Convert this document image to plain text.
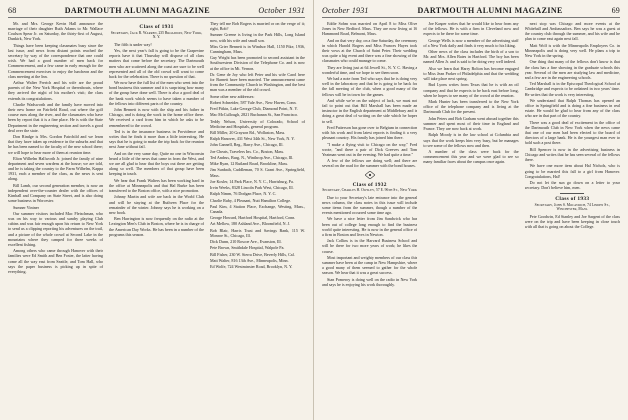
68	DARTMOUTH ALUMNI MAGAZINE	October 1931

Mr. and Mrs. George Kevin Hall announce the marriage of their daughter Ruth Adams to Mr. Wallace Coulson Spear Jr. on Saturday, the thirty-first of August, Dunkirk, New York.

Things have been keeping classmates busy since the last issue, and news from distant points reached the secretary by way of the correspondence that one could wish. We had a good number of men back for Commencement, and a few came in early enough for the Commencement exercises to enjoy the luncheon and the class meeting at the Inn.

Arthur Walter Frerich and his wife are the proud parents of the New York Hospital or thereabouts, where they arrived the night of his mother's visit; the class extends its congratulations.

Charlie Wadsworth and the family have moved into their new home on Fairfield Road, out where the golf course runs along the river, and the classmates who have been by report that it is a fine place. He is with the State Department in the engineering section and travels a good deal over the state.

Don Rindge is Mrs. Gordon Fairchild and we learn that they have taken up residence in the suburbs and that he has been named to the faculty of the new school there; we will hope to hear more of them at reunion time.

Elton Wilhelm Hallworth Jr. joined the family of nine department and seven wardens at the house; we are told, and he is taking the country to the Farm Wilhelm, Kappa 1931, each a member of the class, as the news is sent along.

Bill Lamb, our second generation member, is now an independent over-the-counter dealer with the offices of Kimball and Company on State Street, and is also doing some business in Worcester.

Sumner Vintner

Our summer visitors included Mac Fleischman, who was on his way to various and sundry playing Club cabins and was fair enough upon his return to New York to send us a clipping reporting his adventures on the trail, and a picture of the whole crowd at Second Lake in the mountains where they camped for three weeks of excellent fishing.

Among others who came through Hanover with their families were Ed Smith and Ben Foster, the latter having come all the way east from Seattle, and Tom Hall, who says the paper business is picking up in spite of everything.

Class of 1931
Secretary, Jack R. Warren, 235 Broadway, New York, N. Y.

The fifth is under way!

Yes, the next year's fall is going to be the Grapevine reports have it that Thursday will dispose of all class matters that come before the secretary. The Dartmouth men who are scattered along the coast are sure to be well represented and all of the old crowd will want to come back for the celebration. There is no question of that.

We now have the full list of the men who went into the bond business this summer and it is surprising how many of the group have done well. There is also a good deal of the bank work which seems to have taken a number of the fellows into different parts of the country.

John Bennett is now with the ship and his father in Chicago, and is doing the work in the home office there. We received a card from him in which he asks to be remembered to the crowd.

Ted is in the insurance business in Providence and writes that he finds it more than a little interesting. He says that he is going to make the trip back for the reunion next June without fail.

And on the very same day, Quite no one in Wisconsin heard a little of the news that came in from the West, and we are all glad to hear that the boys out there are getting along so well. The members of that group have been keeping in touch.

We hear that Frank Walters has been working hard in the office at Minneapolis and that Hal Burke has been transferred to the Boston office, with a nice promotion.

Johnny Martin and wife are back in the World Club and will be staying at the Ruthven Place for the remainder of the winter. Johnny says he is working on a new book.

Ben Harrington is now frequently on the radio at the Lexington Men's Club in Boston, where he is in charge of the American Day Works. He has been in a number of the programs this season.

They tell me Bob Rogers is married or on the verge of it; right, Bob?

Sumner Greene is living in the Park Hills, Long Island now, with his wife and small son.

Miss Grier Bennett is in Windsor Hall, 1150 Pike, 1936, Cunningham, Mass.

Guy Wright has been promoted to second assistant in the Southwestern Division of the Telephone Co. and is now at the office in Mt. Vernon.

Dr. Gene de Joy who left Peter and his wife Carol here for Barnett have been married. The announcement came from the Community Church in Washington, and the best man was a member of the old crowd.

Some other new addresses:

Robert Schneider, 587 Yale Ave., New Haven, Conn.

Fred Pitkin, Lake George Club, Diamond Point, N. Y.

Mac McCullough, 2821 Buchanan St., San Francisco.

Teddy Nelson, University of Colorado, School of Medicine and Hospitals, general program.

Bill Miller, 20 Grayson Rd., Wollaston, Mass.

Ralph Hanover, 431 West 34th St., New York, N. Y.

John Gannell, Reg., Barry Ave., Chicago, Ill.

Joe Cheats, Travelers Ins. Co., Boston, Mass.

Ted Andrus, Burg, N., Winthrop Ave., Chicago, Ill.

Mike Ryan, 12 Rutland Road, Brookline, Mass.

Jim Sunbath, Cuddleman, 70 S. Grant Ave., Springfield, Mass.

Joe Kosler, 14 Park Place, N. Y. C., Harrisburg, Pa.

Irvin Weeks, 8328 Lincoln Park West, Chicago, Ill.

Ralph Nimm, 76 Dodgan Place, N. Y. C.

Charlie Ruby, 4 Pleasant, Nutt Hamilton College.

Paul Kim, 4 Station Place, Exchange, Westing, Mass., Canada.

George Howard, Hartford Hospital, Hartford, Conn.

Art Mellow, 180 Ashland Ave., Bloomfield, N. J.

Bob Blair, Harris Trust and Savings Bank, 115 W. Monroe St., Chicago, Ill.

Dick Dunn, 210 Roscoe Ave., Evanston, Ill.

Pete Brown, Smithdale Hospital, Walpole Pa.

Bill Fisher, 230 W. Sierra Drive, Beverly Hills, Cal.

Matt Walter, 816 13th Ave., Minneapolis, Minn.

Ed Wolfe, 724 Westminster Road, Brooklyn, N. Y.

October 1931	DARTMOUTH ALUMNI MAGAZINE	69

Eddie Sohm was married on April 8 to Miss Olive Jones in New Bedford. Mass. They are now living at 16 Hammond Road, Belmont, Mass.

And on that very day, on a fine Saturday, the ceremony in which Harold Rogers and Miss Frances Hayes took their vows at the Church of Saint Peter. Their wedding was quite a big event and there was a fine showing of the classmates who could manage to come.

They are living just at 64 Jewell St., N. Y. C. Having a wonderful time, and we hope to see them soon.

We had a note from Ted who says that he is doing very well in the laboratory and that he is going to be back for the fall meeting of the club, when a good many of the fellows will be in town for the games.

And while we're on the subject of luck, we must not fail to point out that Bill Marshall has been made an instructor in the English department at Middlebury and is doing a great deal of writing on the side which he hopes to sell.

Fred Patterson has gone over to Belgium in connection with his work and from latest reports is finding it a very pleasant country. His family has joined him there.

"I make a flying visit to Chicago on the way," Fred wrote, "and there a pair of Dick Greeves and Tom Yeatman went out in the evening. We had quite a time."

A few of the fellows are doing well; and there are several on the road for the summer with the bond houses.

Class of 1932
Secretary, Charles H. Owsley, 57 E. 96th St., New York

Due to your Secretary's late entrance into the general news column, the class notes in this issue will include some items from the summer, though a number of the events mentioned occurred some time ago.

We have a nice letter from Jim Sandwick who has been out of college long enough to find the business world quite interesting. He is now in the general office of a firm in Boston and lives in Newton.

Jack Collins is in the Harvard Business School and will be there for two more years of work; he likes the course.

Most important and weighty members of our class this summer have been at the camp in New Hampshire, where a good many of them seemed to gather for the whole season. We hear that it was a great success.

Stan Pomeroy is doing well on the radio in New York and says he is enjoying his work thoroughly.

Joe Kasper writes that he would like to hear from any of the fellows. He is with a firm in Cleveland now and expects to be there for some time.

George Wells is now a member of the advertising staff of a New York daily and finds it very much to his liking.

Other news of the class includes the birth of a son to Mr. and Mrs. Allen Bates in Hartford. The boy has been named Allen Jr. and is said to be doing very well indeed.

Also we learn that Harry Bolton has become engaged to Miss Jean Parker of Philadelphia and that the wedding will take place next spring.

Bud Lyons writes from Texas that he is with an oil company and that he expects to be back east before long, when he hopes to see many of the crowd at the reunion.

Mark Hunter has been transferred to the New York office of the telephone company and is living at the Dartmouth Club for the present.

John Peters and Bob Graham went abroad together this summer and spent most of their time in England and France. They are now back at work.

Ralph Moody is in the law school at Columbia and says that the work keeps him very busy, but he manages to see some of the fellows now and then.

A number of the class were back for the commencement this year and we were glad to see so many familiar faces about the campus once again.

next stop was Chicago and more events at the Whitehall and Ambassadors. Ben says he was a guest at the country club through the summer, and his wife and he plan to come east again next fall.

Matt Wolf is with the Minneapolis Employers Co. in Minneapolis and is doing very well. He plans a trip to New York in the spring.

One thing that many of the fellows don't know is that the class has a fine showing in the graduate schools this year. Several of the men are studying law and medicine, and a few are in the engineering schools.

Ted Marshall is in the Episcopal Theological School at Cambridge and expects to be ordained in two years' time. He writes that the work is very interesting.

We understand that Ralph Thomas has opened an office in Springfield and is doing a fine business in real estate. He would be glad to hear from any of the class who are in that part of the country.

There was a good deal of excitement in the office of the Dartmouth Club in New York when the news came that one of our men had been elected to the board of directors of a large bank. He is the youngest man ever to hold such a post there.

Bill Spencer is now in the advertising business in Chicago and writes that he has seen several of the fellows there.

We have one more item about Hal Nichols, who is going to be married this fall to a girl from Hanover. Congratulations, Hal!

Do not let the sun go down on a letter to your secretary. Don't believe him, men.

Class of 1933
Secretary, John S. Mocavrich, 74 Linden St., Winchester, Mass.

Pete Goodwin, Ed Stanley and Joe Sargent of the class were on the trip and have been keeping in close touch with all that is going on about the College.
